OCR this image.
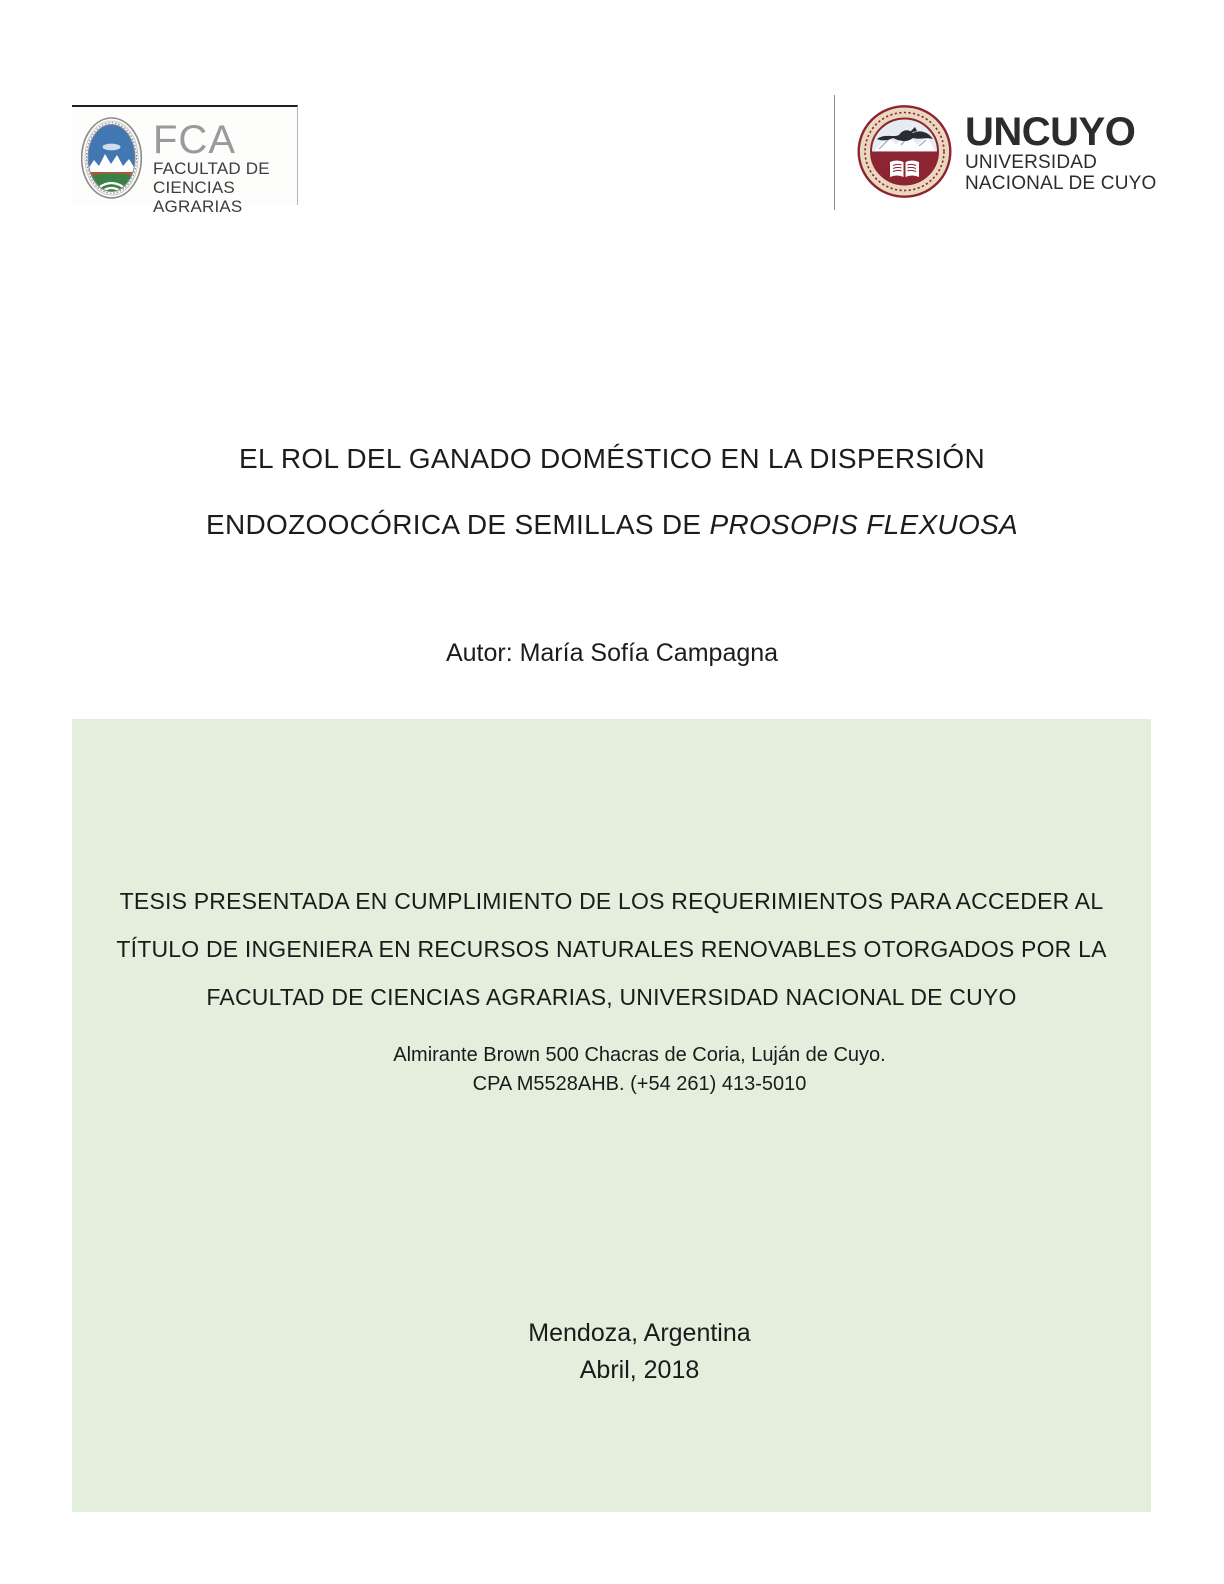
FCA
FACULTAD DE
CIENCIAS AGRARIAS
UNCUYO
UNIVERSIDAD
NACIONAL DE CUYO
EL ROL DEL GANADO DOMÉSTICO EN LA DISPERSIÓN
ENDOZOOCÓRICA DE SEMILLAS DE PROSOPIS FLEXUOSA
Autor: María Sofía Campagna
TESIS PRESENTADA EN CUMPLIMIENTO DE LOS REQUERIMIENTOS PARA ACCEDER AL
TÍTULO DE INGENIERA EN RECURSOS NATURALES RENOVABLES OTORGADOS POR LA
FACULTAD DE CIENCIAS AGRARIAS, UNIVERSIDAD NACIONAL DE CUYO
Almirante Brown 500 Chacras de Coria, Luján de Cuyo.
CPA M5528AHB. (+54 261) 413-5010
Mendoza, Argentina
Abril, 2018
